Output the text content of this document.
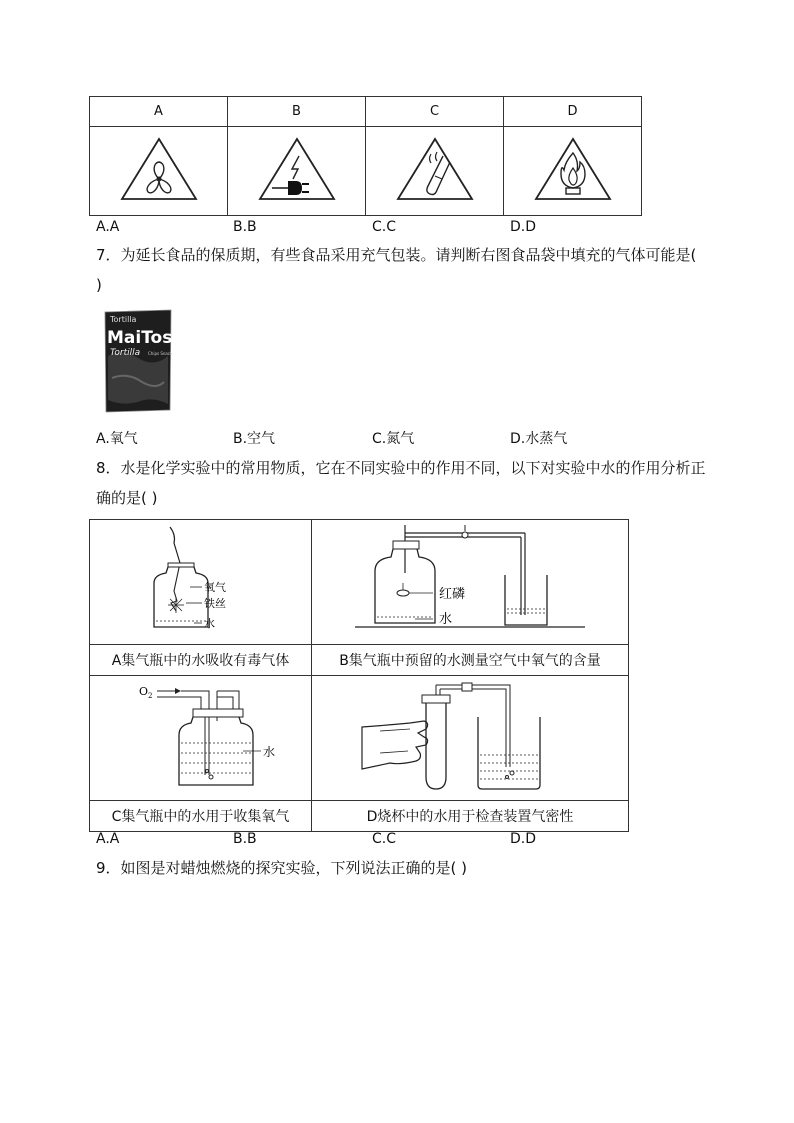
A	B	C	D

A.A	B.B	C.C	D.D
7．为延长食品的保质期，有些食品采用充气包装。请判断右图食品袋中填充的气体可能是( )
Tortilla
MaiTos
Tortilla Chips Snack
A.氧气	B.空气	C.氮气	D.水蒸气
8．水是化学实验中的常用物质，它在不同实验中的作用不同，以下对实验中水的作用分析正确的是( )
氧气
铁丝
水	红磷
水

A集气瓶中的水吸收有毒气体	B集气瓶中预留的水测量空气中氧气的含量

O 2
水

C集气瓶中的水用于收集氧气	D烧杯中的水用于检查装置气密性
A.A	B.B	C.C	D.D
9．如图是对蜡烛燃烧的探究实验，下列说法正确的是( )
